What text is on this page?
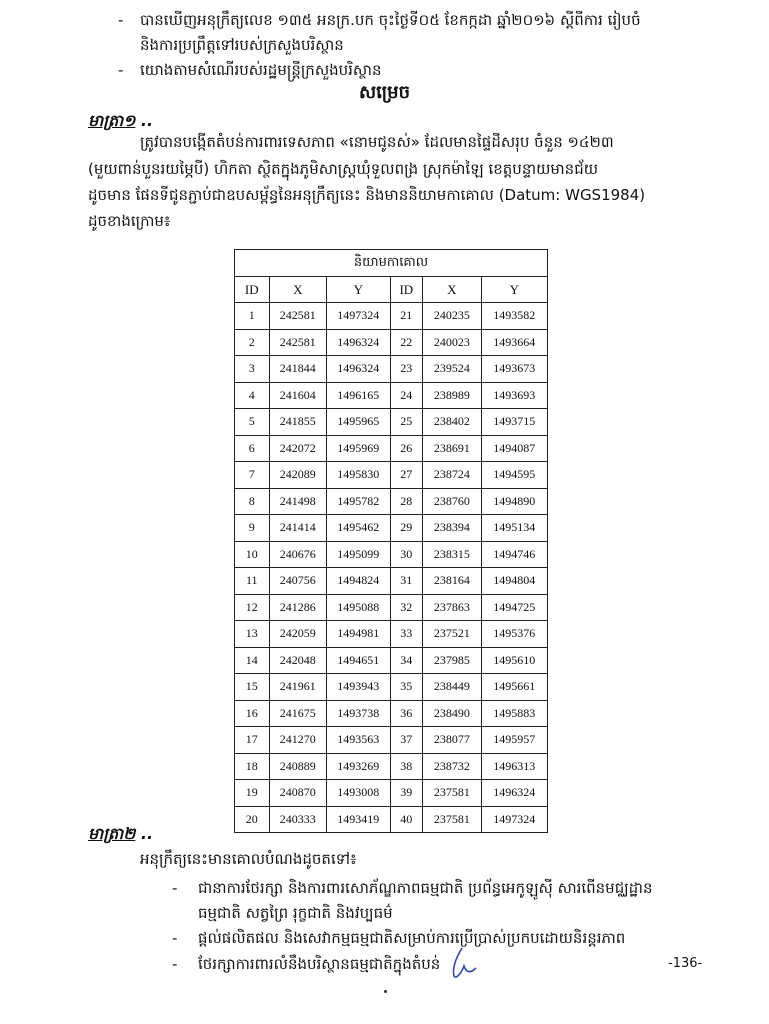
- បានឃើញអនុក្រឹត្យលេខ ១៣៥ អនក្រ.បក ចុះថ្ងៃទី០៥ ខែកក្កដា ឆ្នាំ២០១៦ ស្តីពីការ រៀបចំ
និងការប្រព្រឹត្តទៅរបស់ក្រសួងបរិស្ថាន
- យោងតាមសំណើរបស់រដ្ឋមន្ត្រីក្រសួងបរិស្ថាន
សម្រេច
មាត្រា១ ..
ត្រូវបានបង្កើតតំបន់ការពារទេសភាព «នោមជូនស់» ដែលមានផ្ទៃដីសរុប ចំនួន ១៤២៣
(មួយពាន់បួនរយម្ភៃបី) ហិកតា ស្ថិតក្នុងភូមិសាស្ត្រឃុំទួលពង្រ ស្រុកម៉ាឡៃ ខេត្តបន្ទាយមានជ័យ
ដូចមាន ផែនទីជូនភ្ជាប់ជាឧបសម្ព័ន្ធនៃអនុក្រឹត្យនេះ និងមាននិយាមកាគោល (Datum: WGS1984)
ដូចខាងក្រោម៖
និយាមកាគោល					
ID	X	Y	ID	X	Y
1	242581	1497324	21	240235	1493582
2	242581	1496324	22	240023	1493664
3	241844	1496324	23	239524	1493673
4	241604	1496165	24	238989	1493693
5	241855	1495965	25	238402	1493715
6	242072	1495969	26	238691	1494087
7	242089	1495830	27	238724	1494595
8	241498	1495782	28	238760	1494890
9	241414	1495462	29	238394	1495134
10	240676	1495099	30	238315	1494746
11	240756	1494824	31	238164	1494804
12	241286	1495088	32	237863	1494725
13	242059	1494981	33	237521	1495376
14	242048	1494651	34	237985	1495610
15	241961	1493943	35	238449	1495661
16	241675	1493738	36	238490	1495883
17	241270	1493563	37	238077	1495957
18	240889	1493269	38	238732	1496313
19	240870	1493008	39	237581	1496324
20	240333	1493419	40	237581	1497324
មាត្រា២ ..
អនុក្រឹត្យនេះមានគោលបំណងដូចតទៅ៖
- ជានាការថែរក្សា និងការពារសោភ័ណ្ឌភាពធម្មជាតិ ប្រព័ន្ធអេកូឡូស៊ី សារពើនមជ្ឈដ្ឋាន
ធម្មជាតិ សត្វព្រៃ រុក្ខជាតិ និងវប្បធម៌
- ផ្តល់ផលិតផល និងសេវាកម្មធម្មជាតិសម្រាប់ការប្រើប្រាស់ប្រកបដោយនិរន្តរភាព
- ថែរក្សាការពារលំនឹងបរិស្ថានធម្មជាតិក្នុងតំបន់	-136-
